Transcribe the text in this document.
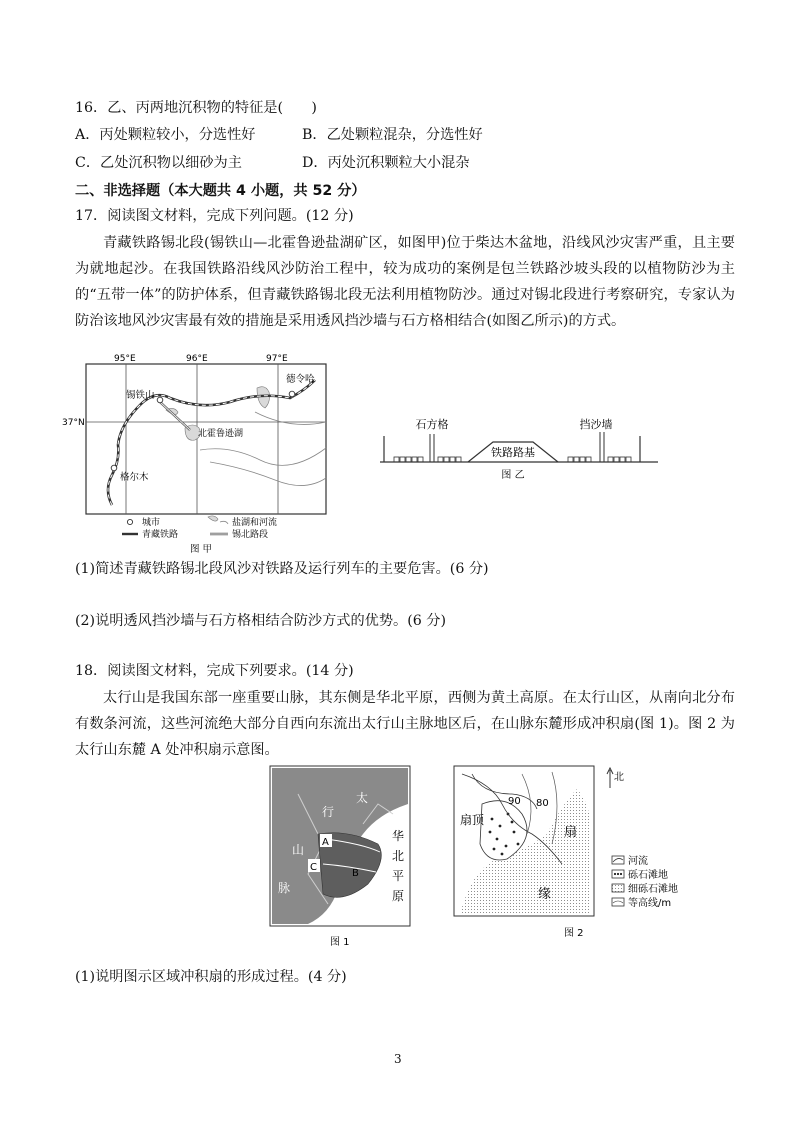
16．乙、丙两地沉积物的特征是(　　)
A．丙处颗粒较小，分选性好	B．乙处颗粒混杂，分选性好
C．乙处沉积物以细砂为主	D．丙处沉积颗粒大小混杂
二、非选择题（本大题共 4 小题，共 52 分）
17．阅读图文材料，完成下列问题。(12 分)
青藏铁路锡北段(锡铁山—北霍鲁逊盐湖矿区，如图甲)位于柴达木盆地，沿线风沙灾害严重，且主要为就地起沙。在我国铁路沿线风沙防治工程中，较为成功的案例是包兰铁路沙坡头段的以植物防沙为主的“五带一体”的防护体系，但青藏铁路锡北段无法利用植物防沙。通过对锡北段进行考察研究，专家认为防治该地风沙灾害最有效的措施是采用透风挡沙墙与石方格相结合(如图乙所示)的方式。
95°E	96°E	97°E
37°N
锡铁山
德令哈
北霍鲁逊湖
格尔木
城市
青藏铁路
盐湖和河流
锡北路段
图 甲
石方格	挡沙墙
铁路路基
图 乙
(1)简述青藏铁路锡北段风沙对铁路及运行列车的主要危害。(6 分)
(2)说明透风挡沙墙与石方格相结合防沙方式的优势。(6 分)
18．阅读图文材料，完成下列要求。(14 分)
太行山是我国东部一座重要山脉，其东侧是华北平原，西侧为黄土高原。在太行山区，从南向北分布有数条河流，这些河流绝大部分自西向东流出太行山主脉地区后，在山脉东麓形成冲积扇(图 1)。图 2 为太行山东麓 A 处冲积扇示意图。
太
行
山
脉
华
北
平
原
A
B
C
图 1
扇顶
90 80
扇
缘
北
河流
砾石滩地
细砾石滩地
等高线/m
图 2
(1)说明图示区域冲积扇的形成过程。(4 分)
3
